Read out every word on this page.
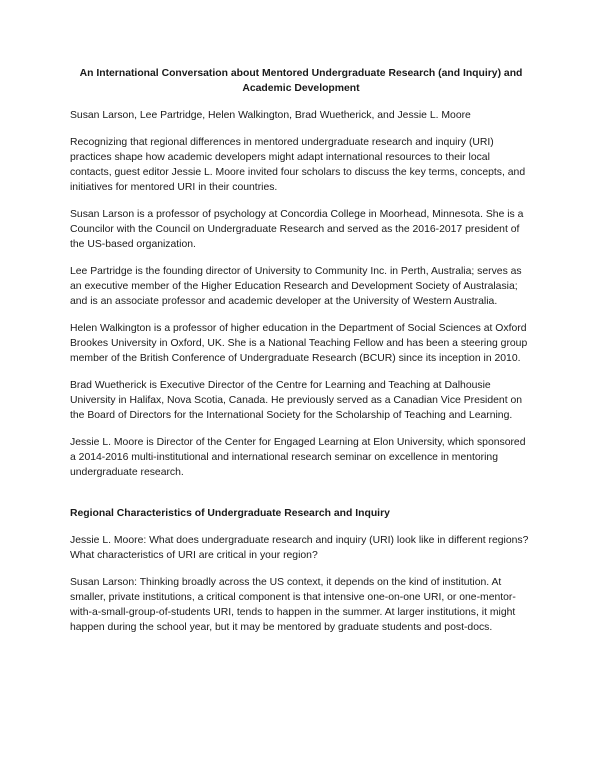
An International Conversation about Mentored Undergraduate Research (and Inquiry) and Academic Development

Susan Larson, Lee Partridge, Helen Walkington, Brad Wuetherick, and Jessie L. Moore

Recognizing that regional differences in mentored undergraduate research and inquiry (URI) practices shape how academic developers might adapt international resources to their local contacts, guest editor Jessie L. Moore invited four scholars to discuss the key terms, concepts, and initiatives for mentored URI in their countries.

Susan Larson is a professor of psychology at Concordia College in Moorhead, Minnesota. She is a Councilor with the Council on Undergraduate Research and served as the 2016-2017 president of the US-based organization.

Lee Partridge is the founding director of University to Community Inc. in Perth, Australia; serves as an executive member of the Higher Education Research and Development Society of Australasia; and is an associate professor and academic developer at the University of Western Australia.

Helen Walkington is a professor of higher education in the Department of Social Sciences at Oxford Brookes University in Oxford, UK. She is a National Teaching Fellow and has been a steering group member of the British Conference of Undergraduate Research (BCUR) since its inception in 2010.

Brad Wuetherick is Executive Director of the Centre for Learning and Teaching at Dalhousie University in Halifax, Nova Scotia, Canada. He previously served as a Canadian Vice President on the Board of Directors for the International Society for the Scholarship of Teaching and Learning.

Jessie L. Moore is Director of the Center for Engaged Learning at Elon University, which sponsored a 2014-2016 multi-institutional and international research seminar on excellence in mentoring undergraduate research.

Regional Characteristics of Undergraduate Research and Inquiry

Jessie L. Moore: What does undergraduate research and inquiry (URI) look like in different regions? What characteristics of URI are critical in your region?

Susan Larson: Thinking broadly across the US context, it depends on the kind of institution. At smaller, private institutions, a critical component is that intensive one-on-one URI, or one-mentor-with-a-small-group-of-students URI, tends to happen in the summer. At larger institutions, it might happen during the school year, but it may be mentored by graduate students and post-docs.
